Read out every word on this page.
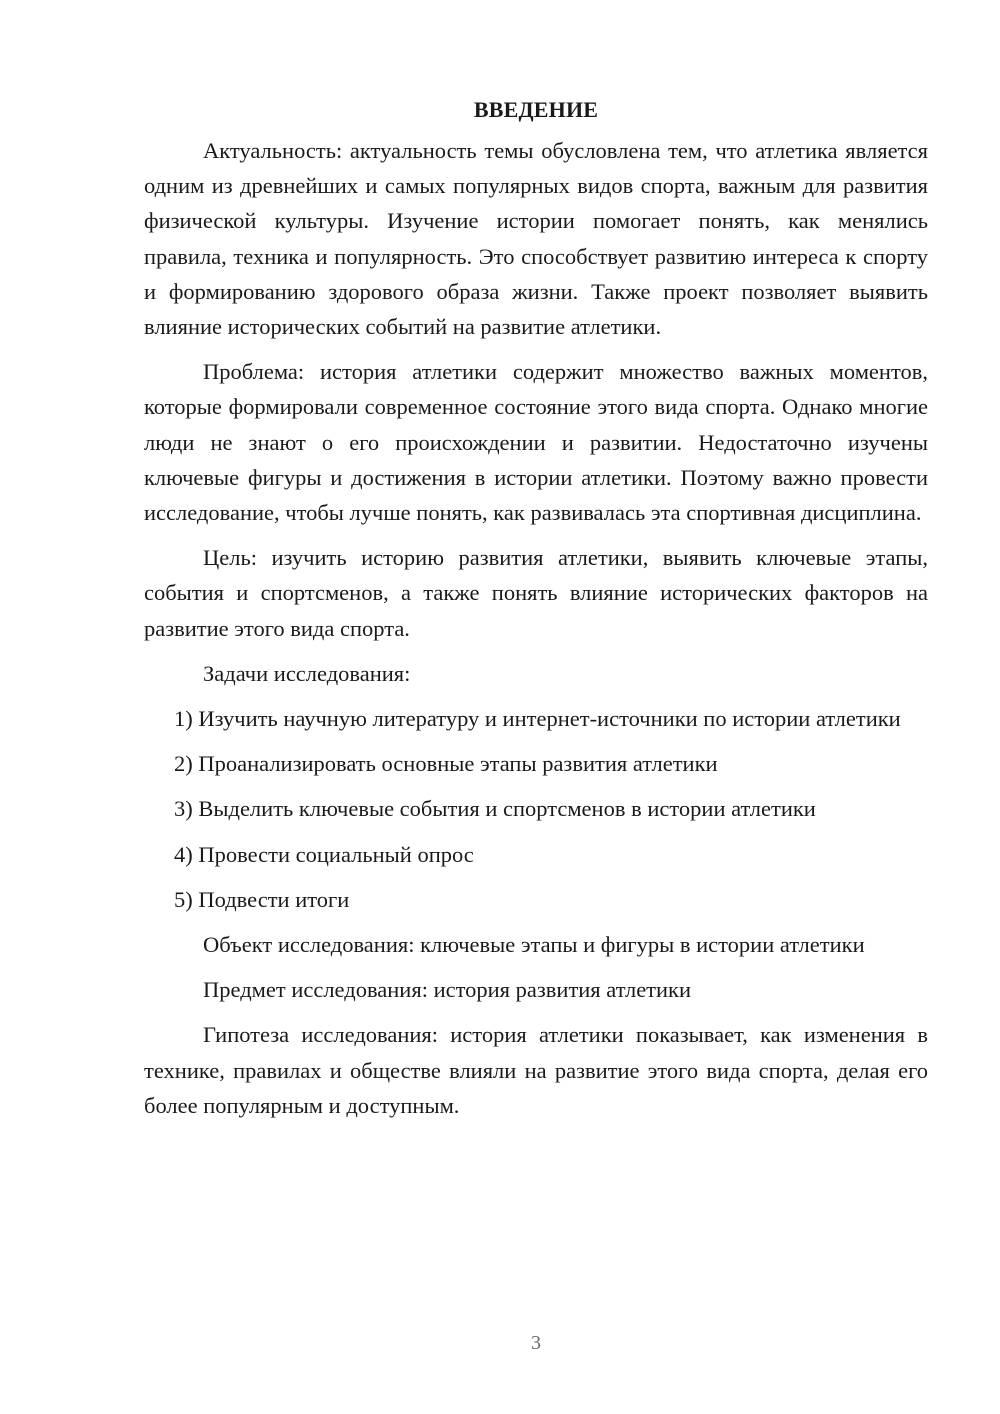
ВВЕДЕНИЕ

Актуальность: актуальность темы обусловлена тем, что атлетика является одним из древнейших и самых популярных видов спорта, важным для развития физической культуры. Изучение истории помогает понять, как менялись правила, техника и популярность. Это способствует развитию интереса к спорту и формированию здорового образа жизни. Также проект позволяет выявить влияние исторических событий на развитие атлетики.

Проблема: история атлетики содержит множество важных моментов, которые формировали современное состояние этого вида спорта. Однако многие люди не знают о его происхождении и развитии. Недостаточно изучены ключевые фигуры и достижения в истории атлетики. Поэтому важно провести исследование, чтобы лучше понять, как развивалась эта спортивная дисциплина.

Цель: изучить историю развития атлетики, выявить ключевые этапы, события и спортсменов, а также понять влияние исторических факторов на развитие этого вида спорта.

Задачи исследования:

1) Изучить научную литературу и интернет-источники по истории атлетики

2) Проанализировать основные этапы развития атлетики

3) Выделить ключевые события и спортсменов в истории атлетики

4) Провести социальный опрос

5) Подвести итоги

Объект исследования: ключевые этапы и фигуры в истории атлетики

Предмет исследования: история развития атлетики

Гипотеза исследования: история атлетики показывает, как изменения в технике, правилах и обществе влияли на развитие этого вида спорта, делая его более популярным и доступным.

3
